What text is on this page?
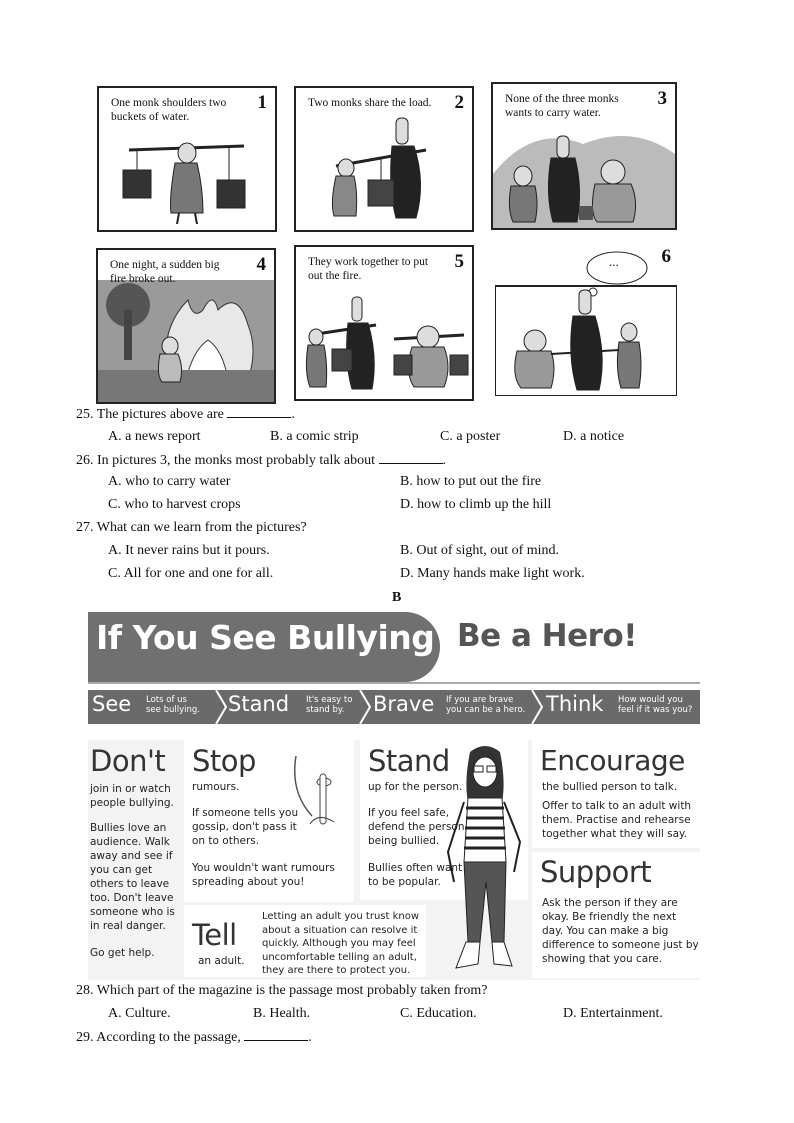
One monk shoulders two buckets of water.
1	Two monks share the load. 2	None of the three monks wants to carry water.
3
One night, a sudden big fire broke out.
4	They work together to put out the fire.
5	... 6
25. The pictures above are	.
A. a news report	B. a comic strip	C. a poster	D. a notice
26. In pictures 3, the monks most probably talk about	.
A. who to carry water	B. how to put out the fire
C. who to harvest crops	D. how to climb up the hill
27. What can we learn from the pictures?
A. It never rains but it pours.	B. Out of sight, out of mind.
C. All for one and one for all.	D. Many hands make light work.
B
If You See Bullying Be a Hero!
See Lots of us
see bullying. Stand It's easy to
stand by.	Brave If you are brave
you can be a hero. Think How would you
feel if it was you?
Don't
join in or watch
people bullying.
Bullies love an
audience. Walk
away and see if
you can get
others to leave
too. Don't leave
someone who is
in real danger.
Go get help.
Stop
rumours.
If someone tells you
gossip, don't pass it
on to others.
You wouldn't want rumours
spreading about you!
Stand
up for the person.
If you feel safe,
defend the person
being bullied.
Bullies often want
to be popular.
Tell
an adult.
Letting an adult you trust know
about a situation can resolve it
quickly. Although you may feel
uncomfortable telling an adult,
they are there to protect you.
Encourage
the bullied person to talk.
Offer to talk to an adult with
them. Practise and rehearse
together what they will say.
Support
Ask the person if they are
okay. Be friendly the next
day. You can make a big
difference to someone just by
showing that you care.
28. Which part of the magazine is the passage most probably taken from?
A. Culture.	B. Health.	C. Education.	D. Entertainment.
29. According to the passage,	.
